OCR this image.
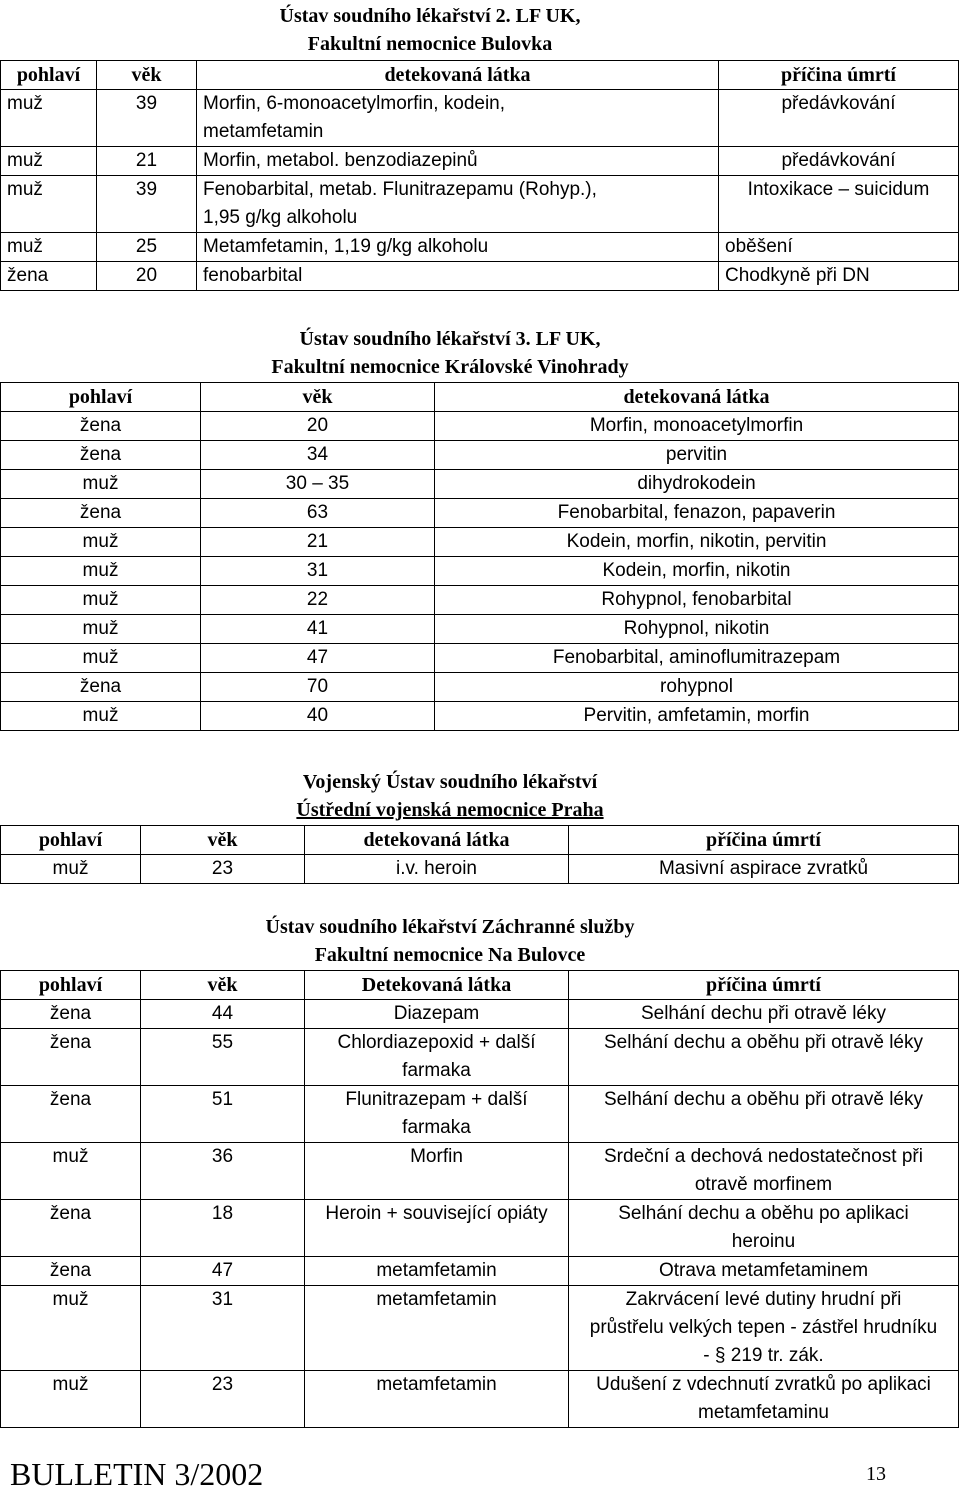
Ústav soudního lékařství 2. LF UK,
Fakultní nemocnice Bulovka
pohlaví	věk	detekovaná látka	příčina úmrtí
muž	39	Morfin, 6-monoacetylmorfin, kodein, metamfetamin	předávkování
muž	21	Morfin, metabol. benzodiazepinů	předávkování
muž	39	Fenobarbital, metab. Flunitrazepamu (Rohyp.), 1,95 g/kg alkoholu	Intoxikace – suicidum
muž	25	Metamfetamin, 1,19 g/kg alkoholu	oběšení
žena	20	fenobarbital	Chodkyně při DN
Ústav soudního lékařství 3. LF UK,
Fakultní nemocnice Královské Vinohrady
pohlaví	věk	detekovaná látka
žena	20	Morfin, monoacetylmorfin
žena	34	pervitin
muž	30 – 35	dihydrokodein
žena	63	Fenobarbital, fenazon, papaverin
muž	21	Kodein, morfin, nikotin, pervitin
muž	31	Kodein, morfin, nikotin
muž	22	Rohypnol, fenobarbital
muž	41	Rohypnol, nikotin
muž	47	Fenobarbital, aminoflumitrazepam
žena	70	rohypnol
muž	40	Pervitin, amfetamin, morfin
Vojenský Ústav soudního lékařství
Ústřední vojenská nemocnice Praha
pohlaví	věk	detekovaná látka	příčina úmrtí
muž	23	i.v. heroin	Masivní aspirace zvratků
Ústav soudního lékařství Záchranné služby
Fakultní nemocnice Na Bulovce
pohlaví	věk	Detekovaná látka	příčina úmrtí
žena	44	Diazepam	Selhání dechu při otravě léky

žena	55	Chlordiazepoxid + další farmaka	Selhání dechu a oběhu při otravě léky

žena	51	Flunitrazepam + další farmaka	Selhání dechu a oběhu při otravě léky

muž	36	Morfin	Srdeční a dechová nedostatečnost při otravě morfinem

žena	18	Heroin + související opiáty	Selhání dechu a oběhu po aplikaci heroinu

žena	47	metamfetamin	Otrava metamfetaminem

muž	31	metamfetamin	Zakrvácení levé dutiny hrudní při průstřelu velkých tepen - zástřel hrudníku - § 219 tr. zák.

muž	23	metamfetamin	Udušení z vdechnutí zvratků po aplikaci metamfetaminu
BULLETIN 3/2002	13
